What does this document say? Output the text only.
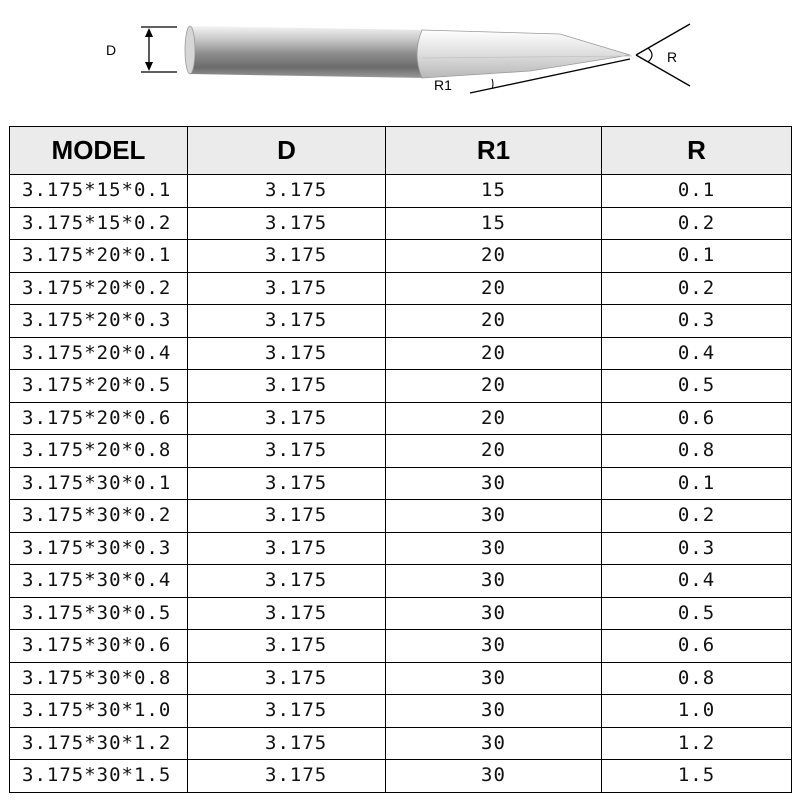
D	R
R1
MODEL	D	R1	R
3.175*15*0.1	3.175	15	0.1
3.175*15*0.2	3.175	15	0.2
3.175*20*0.1	3.175	20	0.1
3.175*20*0.2	3.175	20	0.2
3.175*20*0.3	3.175	20	0.3
3.175*20*0.4	3.175	20	0.4
3.175*20*0.5	3.175	20	0.5
3.175*20*0.6	3.175	20	0.6
3.175*20*0.8	3.175	20	0.8
3.175*30*0.1	3.175	30	0.1
3.175*30*0.2	3.175	30	0.2
3.175*30*0.3	3.175	30	0.3
3.175*30*0.4	3.175	30	0.4
3.175*30*0.5	3.175	30	0.5
3.175*30*0.6	3.175	30	0.6
3.175*30*0.8	3.175	30	0.8
3.175*30*1.0	3.175	30	1.0
3.175*30*1.2	3.175	30	1.2
3.175*30*1.5	3.175	30	1.5
